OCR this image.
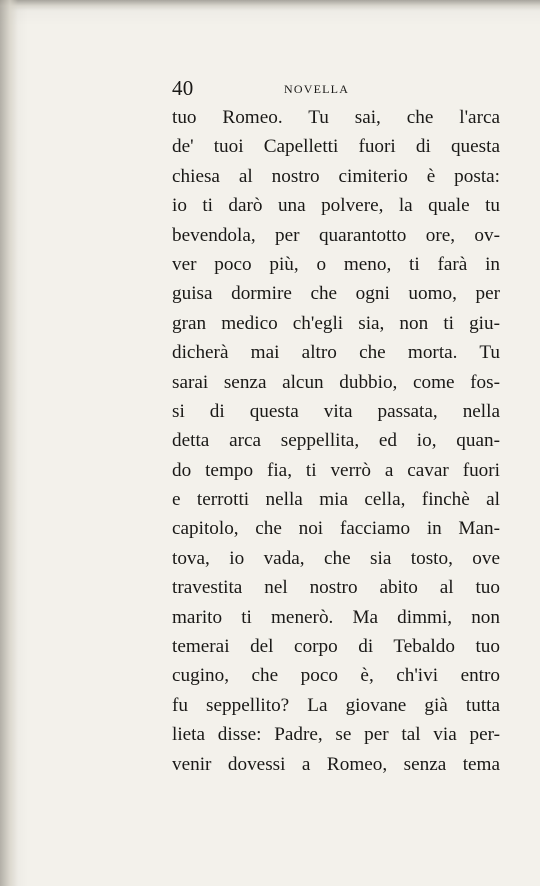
40	NOVELLA
tuo Romeo. Tu sai, che l'arca
de' tuoi Capelletti fuori di questa
chiesa al nostro cimiterio è posta:
io ti darò una polvere, la quale tu
bevendola, per quarantotto ore, ov-
ver poco più, o meno, ti farà in
guisa dormire che ogni uomo, per
gran medico ch'egli sia, non ti giu-
dicherà mai altro che morta. Tu
sarai senza alcun dubbio, come fos-
si di questa vita passata, nella
detta arca seppellita, ed io, quan-
do tempo fia, ti verrò a cavar fuori
e terrotti nella mia cella, finchè al
capitolo, che noi facciamo in Man-
tova, io vada, che sia tosto, ove
travestita nel nostro abito al tuo
marito ti menerò. Ma dimmi, non
temerai del corpo di Tebaldo tuo
cugino, che poco è, ch'ivi entro
fu seppellito? La giovane già tutta
lieta disse: Padre, se per tal via per-
venir dovessi a Romeo, senza tema
